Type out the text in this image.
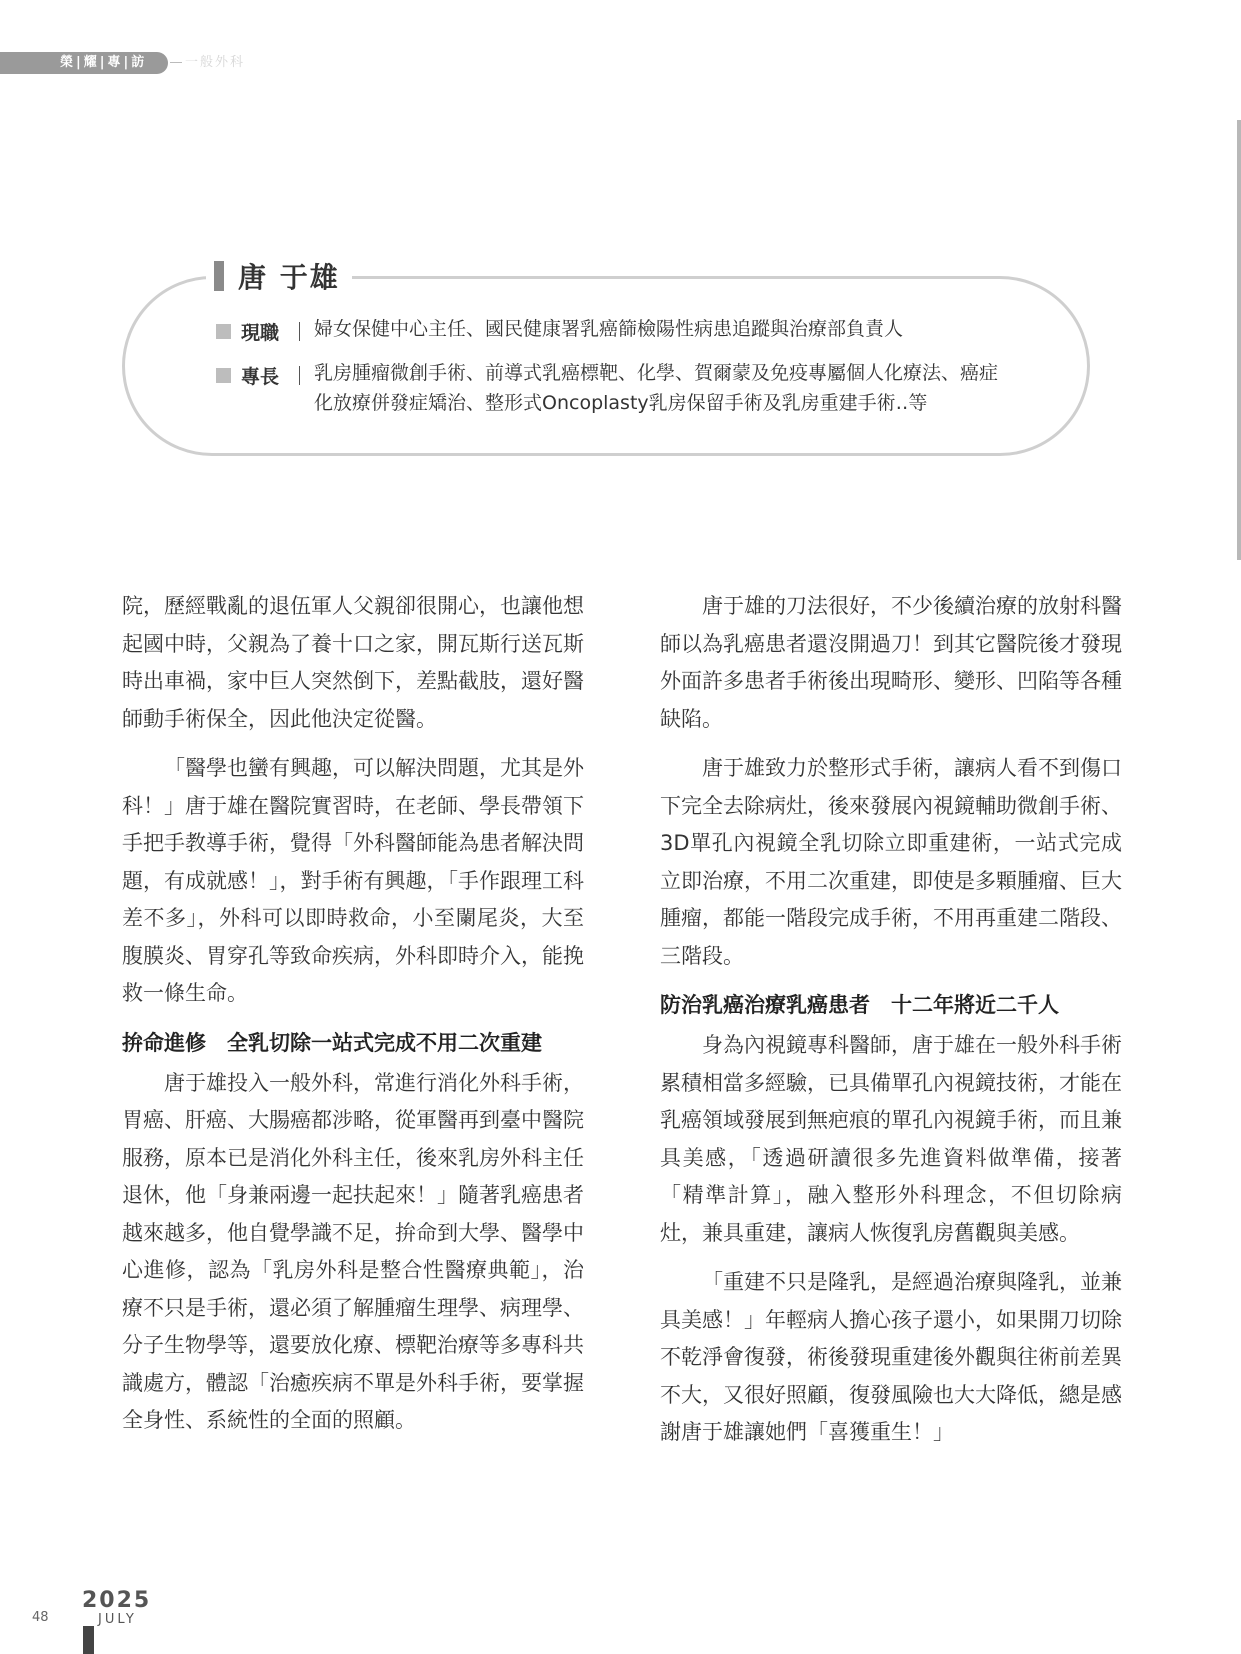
榮|耀|專|訪	一般外科
唐 于雄
現職	婦女保健中心主任、國民健康署乳癌篩檢陽性病患追蹤與治療部負責人
專長	乳房腫瘤微創手術、前導式乳癌標靶、化學、賀爾蒙及免疫專屬個人化療法、癌症
化放療併發症矯治、整形式Oncoplasty乳房保留手術及乳房重建手術‥等

院，歷經戰亂的退伍軍人父親卻很開心，也讓他想起國中時，父親為了養十口之家，開瓦斯行送瓦斯時出車禍，家中巨人突然倒下，差點截肢，還好醫師動手術保全，因此他決定從醫。

「醫學也蠻有興趣，可以解決問題，尤其是外科！」唐于雄在醫院實習時，在老師、學長帶領下手把手教導手術，覺得「外科醫師能為患者解決問題，有成就感！」，對手術有興趣，「手作跟理工科差不多」，外科可以即時救命，小至闌尾炎，大至腹膜炎、胃穿孔等致命疾病，外科即時介入，能挽救一條生命。

拚命進修　全乳切除一站式完成不用二次重建

唐于雄投入一般外科，常進行消化外科手術，胃癌、肝癌、大腸癌都涉略，從軍醫再到臺中醫院服務，原本已是消化外科主任，後來乳房外科主任退休，他「身兼兩邊一起扶起來！」隨著乳癌患者越來越多，他自覺學識不足，拚命到大學、醫學中心進修，認為「乳房外科是整合性醫療典範」，治療不只是手術，還必須了解腫瘤生理學、病理學、分子生物學等，還要放化療、標靶治療等多專科共識處方，體認「治癒疾病不單是外科手術，要掌握全身性、系統性的全面的照顧。

唐于雄的刀法很好，不少後續治療的放射科醫師以為乳癌患者還沒開過刀！到其它醫院後才發現外面許多患者手術後出現畸形、變形、凹陷等各種缺陷。

唐于雄致力於整形式手術，讓病人看不到傷口下完全去除病灶，後來發展內視鏡輔助微創手術、3D單孔內視鏡全乳切除立即重建術，一站式完成立即治療，不用二次重建，即使是多顆腫瘤、巨大腫瘤，都能一階段完成手術，不用再重建二階段、三階段。

防治乳癌治療乳癌患者　十二年將近二千人

身為內視鏡專科醫師，唐于雄在一般外科手術累積相當多經驗，已具備單孔內視鏡技術，才能在乳癌領域發展到無疤痕的單孔內視鏡手術，而且兼具美感，「透過研讀很多先進資料做準備，接著「精準計算」，融入整形外科理念，不但切除病灶，兼具重建，讓病人恢復乳房舊觀與美感。

「重建不只是隆乳，是經過治療與隆乳，並兼具美感！」年輕病人擔心孩子還小，如果開刀切除不乾淨會復發，術後發現重建後外觀與往術前差異不大，又很好照顧，復發風險也大大降低，總是感謝唐于雄讓她們「喜獲重生！」

48
2025
JULY
